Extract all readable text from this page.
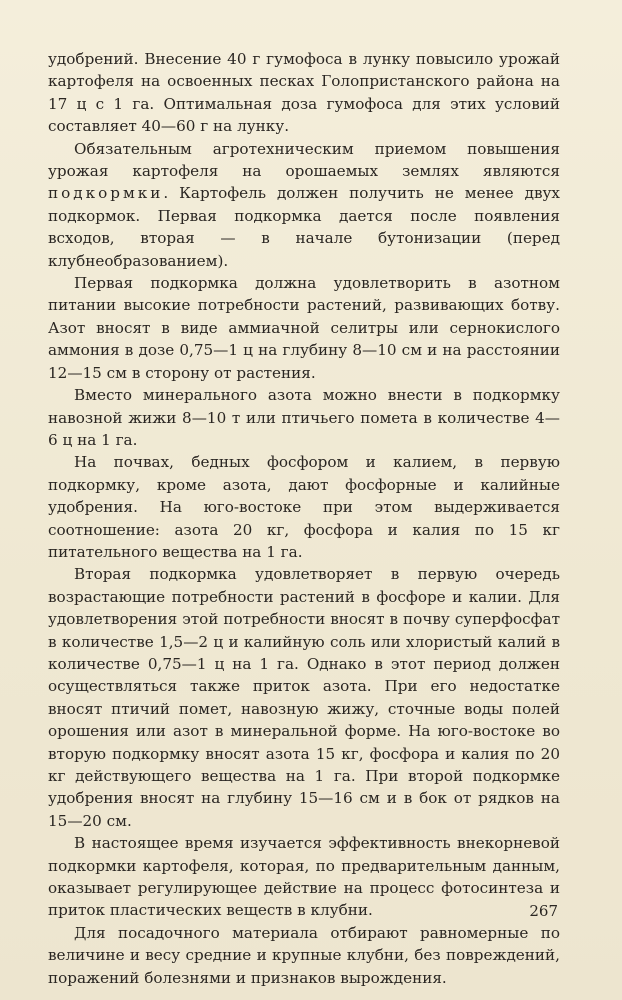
удобрений. Внесение 40 г гумофоса в лунку повысило урожай картофеля на освоенных песках Голопристанского района на 17 ц с 1 га. Оптимальная доза гумофоса для этих условий составляет 40—60 г на лунку.

Обязательным агротехническим приемом повышения урожая картофеля на орошаемых землях являются подкормки. Картофель должен получить не менее двух подкормок. Первая подкормка дается после появления всходов, вторая — в начале бутонизации (перед клубнеобразованием).

Первая подкормка должна удовлетворить в азотном питании высокие потребности растений, развивающих ботву. Азот вносят в виде аммиачной селитры или сернокислого аммония в дозе 0,75—1 ц на глубину 8—10 см и на расстоянии 12—15 см в сторону от растения.

Вместо минерального азота можно внести в подкормку навозной жижи 8—10 т или птичьего помета в количестве 4—6 ц на 1 га.

На почвах, бедных фосфором и калием, в первую подкормку, кроме азота, дают фосфорные и калийные удобрения. На юго-востоке при этом выдерживается соотношение: азота 20 кг, фосфора и калия по 15 кг питательного вещества на 1 га.

Вторая подкормка удовлетворяет в первую очередь возрастающие потребности растений в фосфоре и калии. Для удовлетворения этой потребности вносят в почву суперфосфат в количестве 1,5—2 ц и калийную соль или хлористый калий в количестве 0,75—1 ц на 1 га. Однако в этот период должен осуществляться также приток азота. При его недостатке вносят птичий помет, навозную жижу, сточные воды полей орошения или азот в минеральной форме. На юго-востоке во вторую подкормку вносят азота 15 кг, фосфора и калия по 20 кг действующего вещества на 1 га. При второй подкормке удобрения вносят на глубину 15—16 см и в бок от рядков на 15—20 см.

В настоящее время изучается эффективность внекорневой подкормки картофеля, которая, по предварительным данным, оказывает регулирующее действие на процесс фотосинтеза и приток пластических веществ в клубни.

Для посадочного материала отбирают равномерные по величине и весу средние и крупные клубни, без повреждений, поражений болезнями и признаков вырождения.

267
